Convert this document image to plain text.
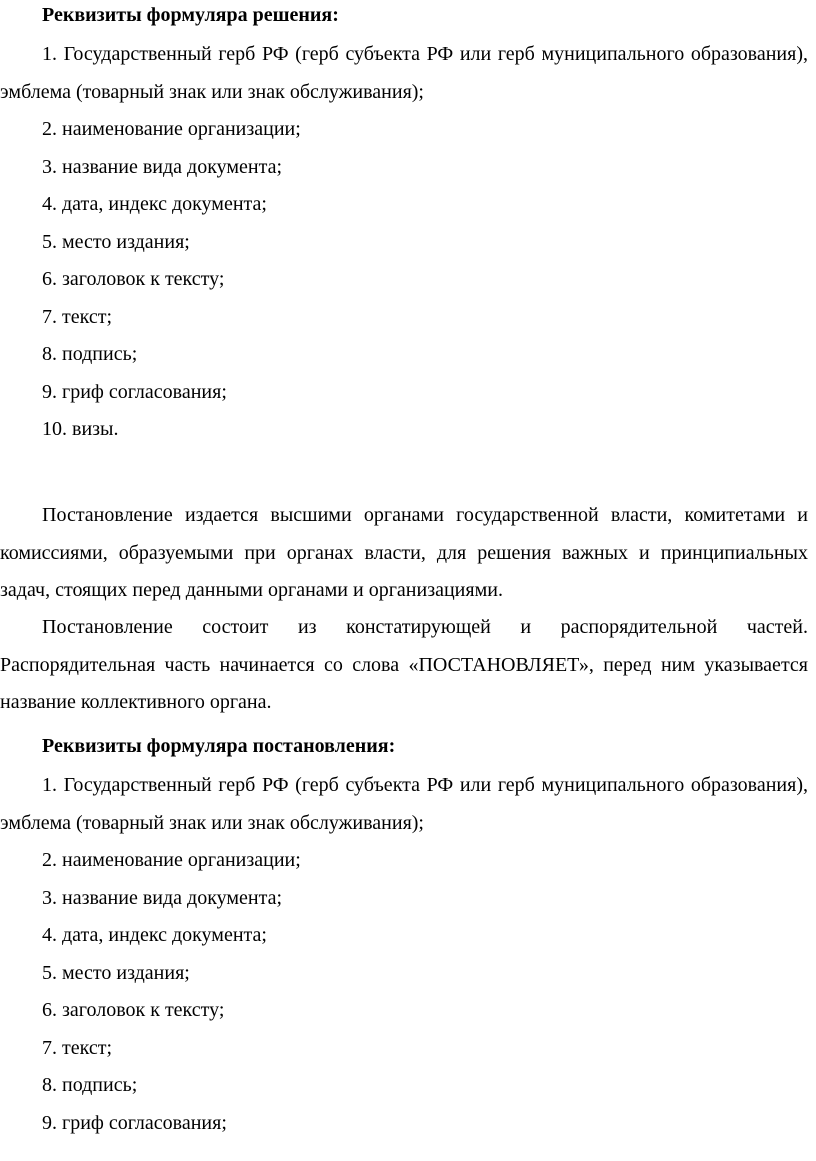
Реквизиты формуляра решения:
1. Государственный герб РФ (герб субъекта РФ или герб муниципального образования), эмблема (товарный знак или знак обслуживания);
2. наименование организации;
3. название вида документа;
4. дата, индекс документа;
5. место издания;
6. заголовок к тексту;
7. текст;
8. подпись;
9. гриф согласования;
10. визы.
Постановление издается высшими органами государственной власти, комитетами и комиссиями, образуемыми при органах власти, для решения важных и принципиальных задач, стоящих перед данными органами и организациями.
Постановление состоит из констатирующей и распорядительной частей. Распорядительная часть начинается со слова «ПОСТАНОВЛЯЕТ», перед ним указывается название коллективного органа.
Реквизиты формуляра постановления:
1. Государственный герб РФ (герб субъекта РФ или герб муниципального образования), эмблема (товарный знак или знак обслуживания);
2. наименование организации;
3. название вида документа;
4. дата, индекс документа;
5. место издания;
6. заголовок к тексту;
7. текст;
8. подпись;
9. гриф согласования;
